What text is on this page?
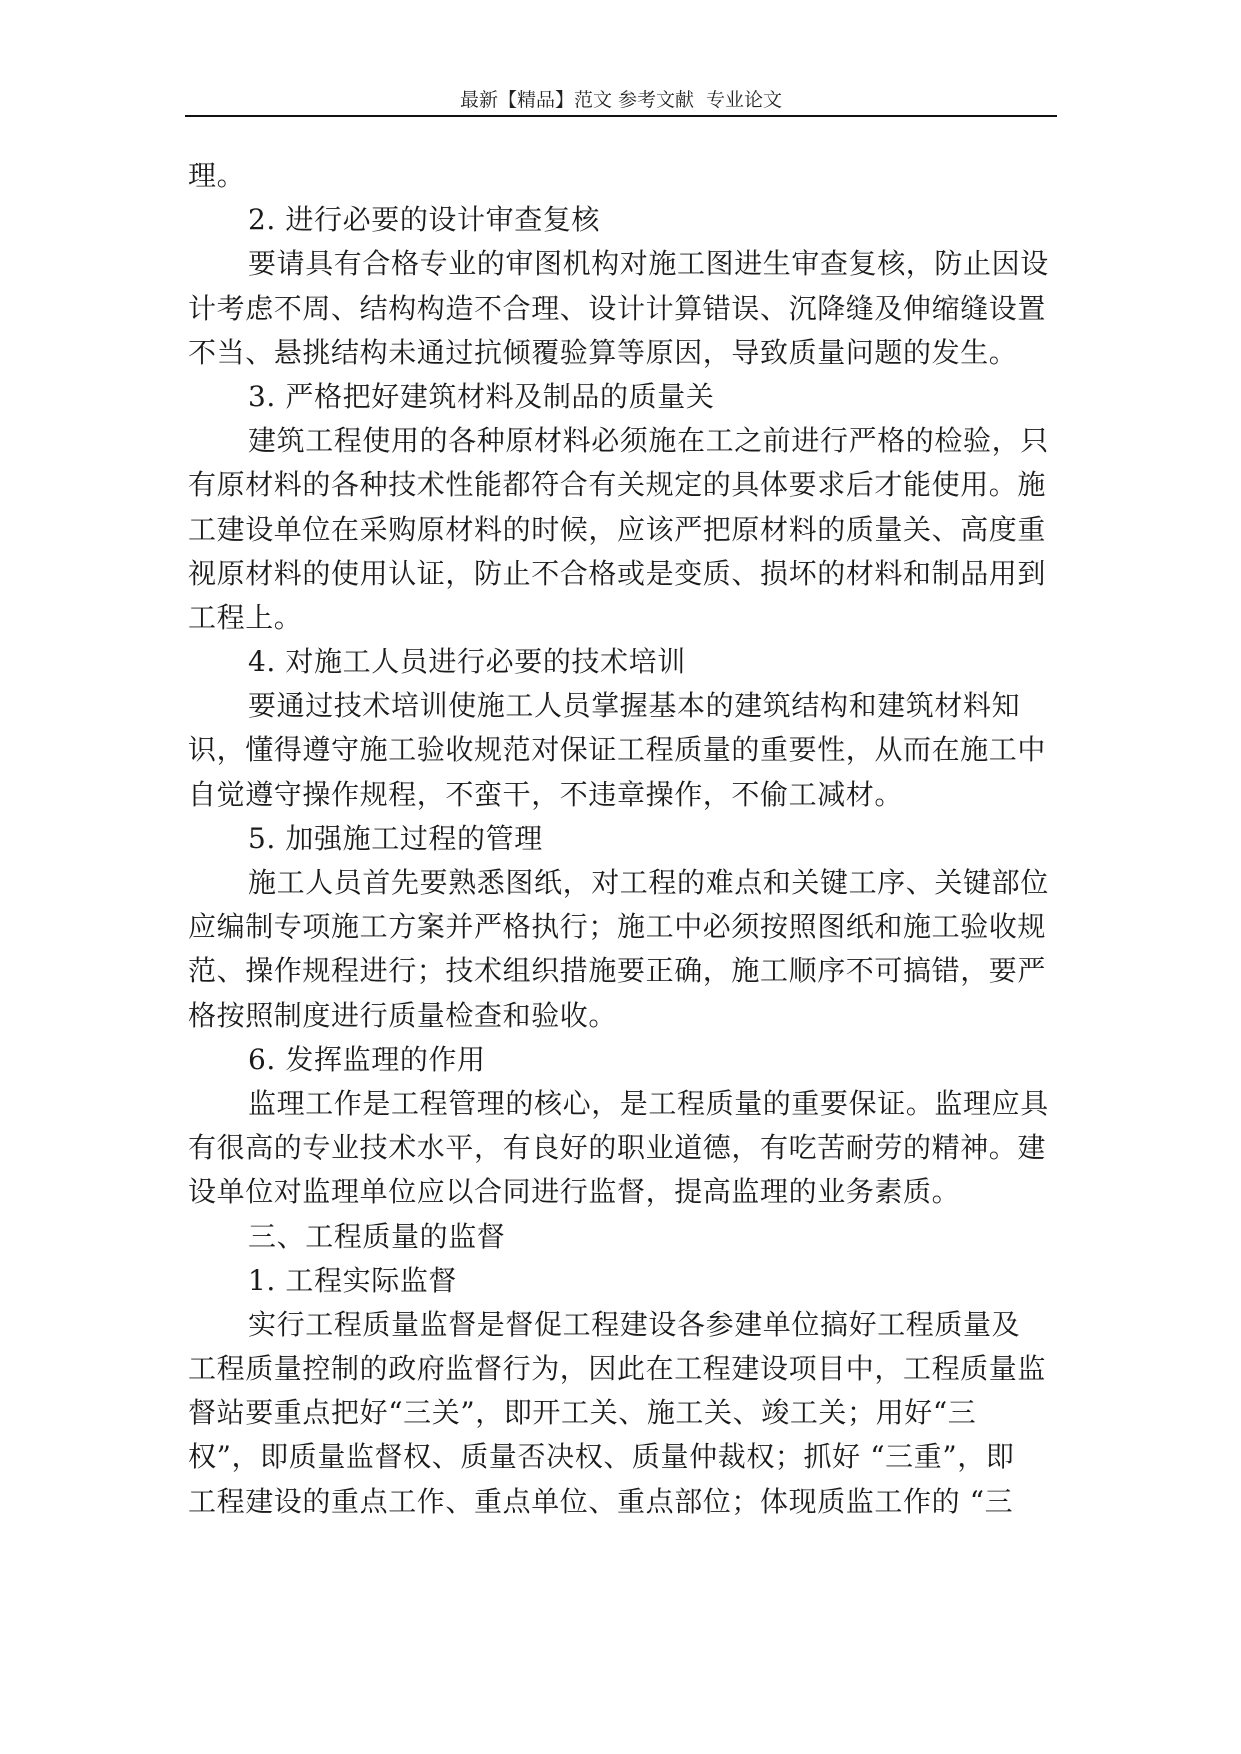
最新【精品】范文 参考文献  专业论文
理。
2. 进行必要的设计审查复核
要请具有合格专业的审图机构对施工图进生审查复核，防止因设
计考虑不周、结构构造不合理、设计计算错误、沉降缝及伸缩缝设置
不当、悬挑结构未通过抗倾覆验算等原因，导致质量问题的发生。
3. 严格把好建筑材料及制品的质量关
建筑工程使用的各种原材料必须施在工之前进行严格的检验，只
有原材料的各种技术性能都符合有关规定的具体要求后才能使用。施
工建设单位在采购原材料的时候，应该严把原材料的质量关、高度重
视原材料的使用认证，防止不合格或是变质、损坏的材料和制品用到
工程上。
4. 对施工人员进行必要的技术培训
要通过技术培训使施工人员掌握基本的建筑结构和建筑材料知
识，懂得遵守施工验收规范对保证工程质量的重要性，从而在施工中
自觉遵守操作规程，不蛮干，不违章操作，不偷工减材。
5. 加强施工过程的管理
施工人员首先要熟悉图纸，对工程的难点和关键工序、关键部位
应编制专项施工方案并严格执行；施工中必须按照图纸和施工验收规
范、操作规程进行；技术组织措施要正确，施工顺序不可搞错，要严
格按照制度进行质量检查和验收。
6. 发挥监理的作用
监理工作是工程管理的核心，是工程质量的重要保证。监理应具
有很高的专业技术水平，有良好的职业道德，有吃苦耐劳的精神。建
设单位对监理单位应以合同进行监督，提高监理的业务素质。
三、工程质量的监督
1. 工程实际监督
实行工程质量监督是督促工程建设各参建单位搞好工程质量及
工程质量控制的政府监督行为，因此在工程建设项目中，工程质量监
督站要重点把好“三关”，即开工关、施工关、竣工关；用好“三
权”，即质量监督权、质量否决权、质量仲裁权；抓好 “三重”，即
工程建设的重点工作、重点单位、重点部位；体现质监工作的 “三
